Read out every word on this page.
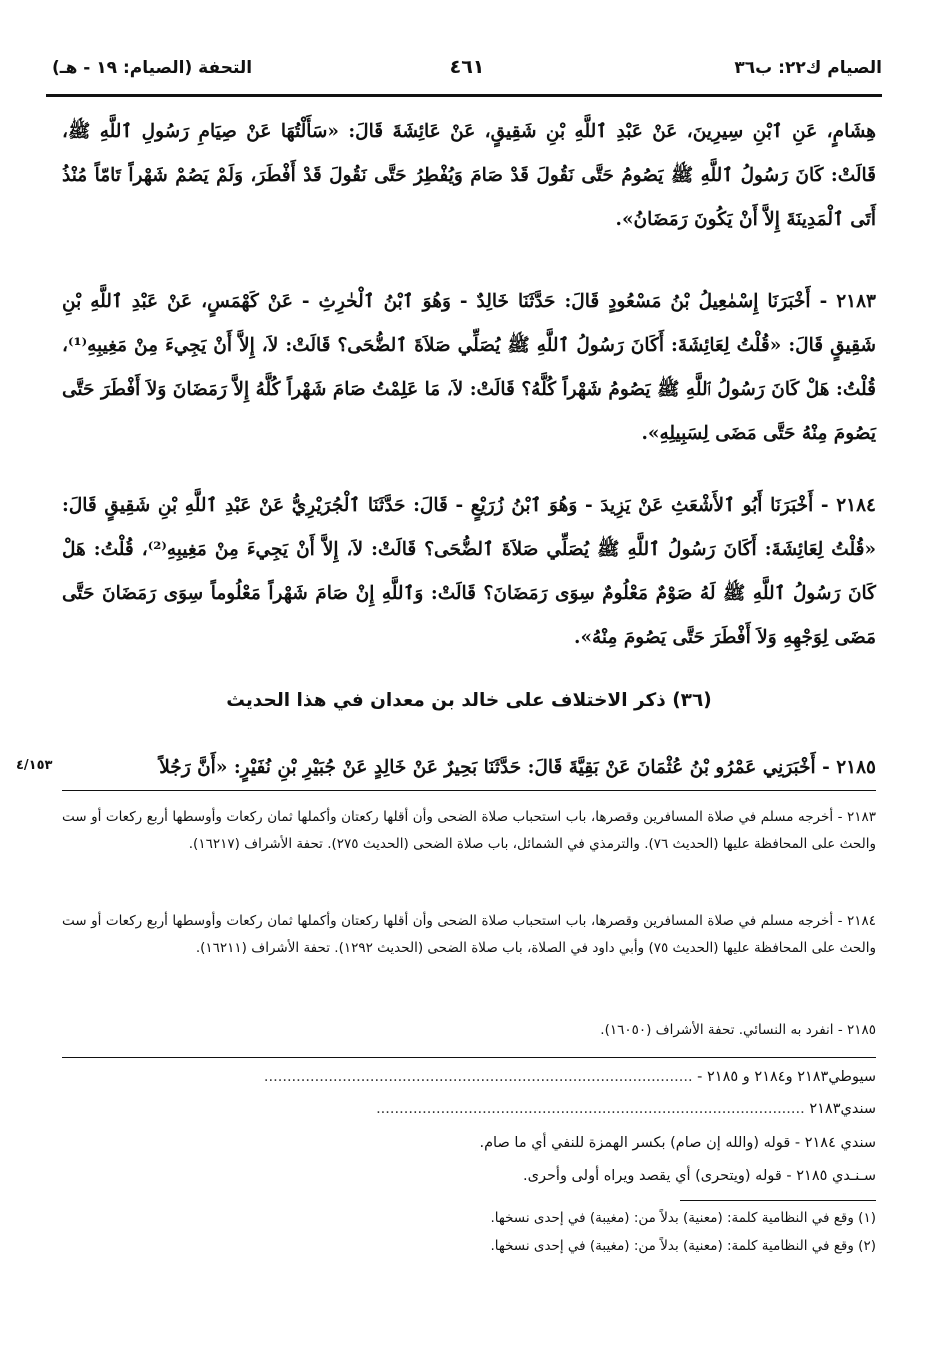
الصيام ك٢٢: ب٣٦
٤٦١
التحفة (الصيام: ١٩ - هـ)

هِشَامٍ، عَنِ ٱبْنِ سِيرِينَ، عَنْ عَبْدِ ٱللَّهِ بْنِ شَقِيقٍ، عَنْ عَائِشَةَ قَالَ: «سَأَلْتُهَا عَنْ صِيَامِ رَسُولِ ٱللَّهِ ﷺ، قَالَتْ: كَانَ رَسُولُ ٱللَّهِ ﷺ يَصُومُ حَتَّى نَقُولَ قَدْ صَامَ وَيُفْطِرُ حَتَّى نَقُولَ قَدْ أَفْطَرَ، وَلَمْ يَصُمْ شَهْراً تَامّاً مُنْذُ أَتَى ٱلْمَدِينَةَ إِلاَّ أَنْ يَكُونَ رَمَضَانُ».

٢١٨٣ - أَخْبَرَنَا إِسْمٰعِيلُ بْنُ مَسْعُودٍ قَالَ: حَدَّثَنَا خَالِدٌ - وَهُوَ ٱبْنُ ٱلْحٰرِثِ - عَنْ كَهْمَسٍ، عَنْ عَبْدِ ٱللَّهِ بْنِ شَقِيقٍ قَالَ: «قُلْتُ لِعَائِشَةَ: أَكَانَ رَسُولُ ٱللَّهِ ﷺ يُصَلِّي صَلاَةَ ٱلضُّحَى؟ قَالَتْ: لاَ، إِلاَّ أَنْ يَجِيءَ مِنْ مَغِيبِهِ⁽¹⁾، قُلْتُ: هَلْ كَانَ رَسُولُ ٱللَّهِ ﷺ يَصُومُ شَهْراً كُلَّهُ؟ قَالَتْ: لاَ، مَا عَلِمْتُ صَامَ شَهْراً كُلَّهُ إِلاَّ رَمَضَانَ وَلاَ أَفْطَرَ حَتَّى يَصُومَ مِنْهُ حَتَّى مَضَى لِسَبِيلِهِ».

٢١٨٤ - أَخْبَرَنَا أَبُو ٱلأَشْعَثِ عَنْ يَزِيدَ - وَهُوَ ٱبْنُ زُرَيْعٍ - قَالَ: حَدَّثَنَا ٱلْجُرَيْرِيُّ عَنْ عَبْدِ ٱللَّهِ بْنِ شَقِيقٍ قَالَ: «قُلْتُ لِعَائِشَةَ: أَكَانَ رَسُولُ ٱللَّهِ ﷺ يُصَلِّي صَلاَةَ ٱلضُّحَى؟ قَالَتْ: لاَ، إِلاَّ أَنْ يَجِيءَ مِنْ مَغِيبِهِ⁽²⁾، قُلْتُ: هَلْ كَانَ رَسُولُ ٱللَّهِ ﷺ لَهُ صَوْمٌ مَعْلُومٌ سِوَى رَمَضَانَ؟ قَالَتْ: وَٱللَّهِ إِنْ صَامَ شَهْراً مَعْلُوماً سِوَى رَمَضَانَ حَتَّى مَضَى لِوَجْهِهِ وَلاَ أَفْطَرَ حَتَّى يَصُومَ مِنْهُ».

(٣٦) ذكر الاختلاف على خالد بن معدان في هذا الحديث

٢١٨٥ - أَخْبَرَنِي عَمْرُو بْنُ عُثْمَانَ عَنْ بَقِيَّةَ قَالَ: حَدَّثَنَا بَحِيرٌ عَنْ خَالِدٍ عَنْ جُبَيْرِ بْنِ نُفَيْرٍ: «أَنَّ رَجُلاً

٤/١٥٣

٢١٨٣ - أخرجه مسلم في صلاة المسافرين وقصرها، باب استحباب صلاة الضحى وأن أقلها ركعتان وأكملها ثمان ركعات وأوسطها أربع ركعات أو ست والحث على المحافظة عليها (الحديث ٧٦). والترمذي في الشمائل، باب صلاة الضحى (الحديث ٢٧٥). تحفة الأشراف (١٦٢١٧).

٢١٨٤ - أخرجه مسلم في صلاة المسافرين وقصرها، باب استحباب صلاة الضحى وأن أقلها ركعتان وأكملها ثمان ركعات وأوسطها أربع ركعات أو ست والحث على المحافظة عليها (الحديث ٧٥) وأبي داود في الصلاة، باب صلاة الضحى (الحديث ١٢٩٢). تحفة الأشراف (١٦٢١١).

٢١٨٥ - انفرد به النسائي. تحفة الأشراف (١٦٠٥٠).

سيوطي٢١٨٣ و٢١٨٤ و ٢١٨٥ - .............................................................................................
سندي٢١٨٣ .............................................................................................
سندي ٢١٨٤ - قوله (والله إن صام) بكسر الهمزة للنفي أي ما صام.
سـنـدي ٢١٨٥ - قوله (ويتحرى) أي يقصد ويراه أولى وأحرى.
(١) وقع في النظامية كلمة: (معنية) بدلاً من: (مغيبة) في إحدى نسخها.
(٢) وقع في النظامية كلمة: (معنية) بدلاً من: (مغيبة) في إحدى نسخها.
